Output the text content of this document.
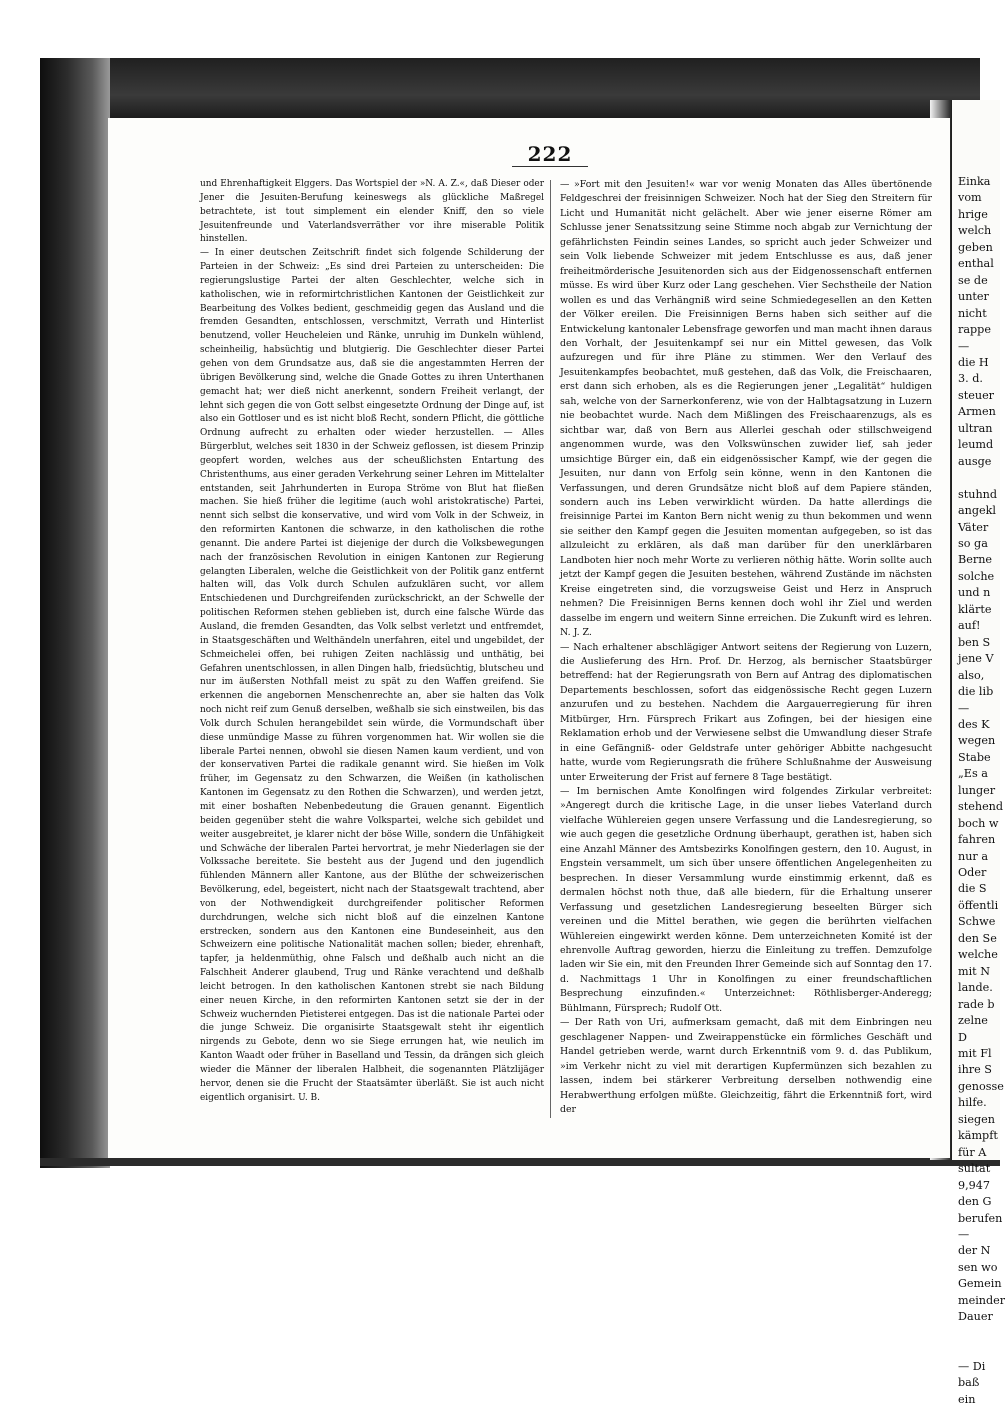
Einka
vom
hrige
welch
geben
enthal
se de
unter
nicht
rappe
—
die H
3. d.
steuer
Armen
ultran
leumd
ausge

stuhnd
angekl
Väter
so ga
Berne
solche
und n
klärte
auf!
ben S
jene V
also,
die lib
—
des K
wegen
Stabe
„Es a
lunger
stehend
boch w
fahren
nur a
Oder
die S
öffentli
Schwe
den Se
welche
mit N
lande.
rade b
zelne D
mit Fl
ihre S
genosse
hilfe.
siegen
kämpft
für A
sultat
9,947
den G
berufen
—
der N
sen wo
Gemein
meinder
Dauer

— Di
baß ein
222

und Ehrenhaftigkeit Elggers. Das Wortspiel der »N. A. Z.«, daß Dieser oder Jener die Jesuiten-Berufung keineswegs als glückliche Maßregel betrachtete, ist tout simplement ein elender Kniff, den so viele Jesuitenfreunde und Vaterlandsverräther vor ihre miserable Politik hinstellen.

— In einer deutschen Zeitschrift findet sich folgende Schilderung der Parteien in der Schweiz: „Es sind drei Parteien zu unterscheiden: Die regierungslustige Partei der alten Geschlechter, welche sich in katholischen, wie in reformirtchristlichen Kantonen der Geistlichkeit zur Bearbeitung des Volkes bedient, geschmeidig gegen das Ausland und die fremden Gesandten, entschlossen, verschmitzt, Verrath und Hinterlist benutzend, voller Heucheleien und Ränke, unruhig im Dunkeln wühlend, scheinheilig, habsüchtig und blutgierig. Die Geschlechter dieser Partei gehen von dem Grundsatze aus, daß sie die angestammten Herren der übrigen Bevölkerung sind, welche die Gnade Gottes zu ihren Unterthanen gemacht hat; wer dieß nicht anerkennt, sondern Freiheit verlangt, der lehnt sich gegen die von Gott selbst eingesetzte Ordnung der Dinge auf, ist also ein Gottloser und es ist nicht bloß Recht, sondern Pflicht, die göttliche Ordnung aufrecht zu erhalten oder wieder herzustellen. — Alles Bürgerblut, welches seit 1830 in der Schweiz geflossen, ist diesem Prinzip geopfert worden, welches aus der scheußlichsten Entartung des Christenthums, aus einer geraden Verkehrung seiner Lehren im Mittelalter entstanden, seit Jahrhunderten in Europa Ströme von Blut hat fließen machen. Sie hieß früher die legitime (auch wohl aristokratische) Partei, nennt sich selbst die konservative, und wird vom Volk in der Schweiz, in den reformirten Kantonen die schwarze, in den katholischen die rothe genannt. Die andere Partei ist diejenige der durch die Volksbewegungen nach der französischen Revolution in einigen Kantonen zur Regierung gelangten Liberalen, welche die Geistlichkeit von der Politik ganz entfernt halten will, das Volk durch Schulen aufzuklären sucht, vor allem Entschiedenen und Durchgreifenden zurückschrickt, an der Schwelle der politischen Reformen stehen geblieben ist, durch eine falsche Würde das Ausland, die fremden Gesandten, das Volk selbst verletzt und entfremdet, in Staatsgeschäften und Welthändeln unerfahren, eitel und ungebildet, der Schmeichelei offen, bei ruhigen Zeiten nachlässig und unthätig, bei Gefahren unentschlossen, in allen Dingen halb, friedsüchtig, blutscheu und nur im äußersten Nothfall meist zu spät zu den Waffen greifend. Sie erkennen die angebornen Menschenrechte an, aber sie halten das Volk noch nicht reif zum Genuß derselben, weßhalb sie sich einstweilen, bis das Volk durch Schulen herangebildet sein würde, die Vormundschaft über diese unmündige Masse zu führen vorgenommen hat. Wir wollen sie die liberale Partei nennen, obwohl sie diesen Namen kaum verdient, und von der konservativen Partei die radikale genannt wird. Sie hießen im Volk früher, im Gegensatz zu den Schwarzen, die Weißen (in katholischen Kantonen im Gegensatz zu den Rothen die Schwarzen), und werden jetzt, mit einer boshaften Nebenbedeutung die Grauen genannt. Eigentlich beiden gegenüber steht die wahre Volkspartei, welche sich gebildet und weiter ausgebreitet, je klarer nicht der böse Wille, sondern die Unfähigkeit und Schwäche der liberalen Partei hervortrat, je mehr Niederlagen sie der Volkssache bereitete. Sie besteht aus der Jugend und den jugendlich fühlenden Männern aller Kantone, aus der Blüthe der schweizerischen Bevölkerung, edel, begeistert, nicht nach der Staatsgewalt trachtend, aber von der Nothwendigkeit durchgreifender politischer Reformen durchdrungen, welche sich nicht bloß auf die einzelnen Kantone erstrecken, sondern aus den Kantonen eine Bundeseinheit, aus den Schweizern eine politische Nationalität machen sollen; bieder, ehrenhaft, tapfer, ja heldenmüthig, ohne Falsch und deßhalb auch nicht an die Falschheit Anderer glaubend, Trug und Ränke verachtend und deßhalb leicht betrogen. In den katholischen Kantonen strebt sie nach Bildung einer neuen Kirche, in den reformirten Kantonen setzt sie der in der Schweiz wuchernden Pietisterei entgegen. Das ist die nationale Partei oder die junge Schweiz. Die organisirte Staatsgewalt steht ihr eigentlich nirgends zu Gebote, denn wo sie Siege errungen hat, wie neulich im Kanton Waadt oder früher in Baselland und Tessin, da drängen sich gleich wieder die Männer der liberalen Halbheit, die sogenannten Plätzlijäger hervor, denen sie die Frucht der Staatsämter überläßt. Sie ist auch nicht eigentlich organisirt. U. B.

— »Fort mit den Jesuiten!« war vor wenig Monaten das Alles übertönende Feldgeschrei der freisinnigen Schweizer. Noch hat der Sieg den Streitern für Licht und Humanität nicht gelächelt. Aber wie jener eiserne Römer am Schlusse jener Senatssitzung seine Stimme noch abgab zur Vernichtung der gefährlichsten Feindin seines Landes, so spricht auch jeder Schweizer und sein Volk liebende Schweizer mit jedem Entschlusse es aus, daß jener freiheitmörderische Jesuitenorden sich aus der Eidgenossenschaft entfernen müsse. Es wird über Kurz oder Lang geschehen. Vier Sechstheile der Nation wollen es und das Verhängniß wird seine Schmiedegesellen an den Ketten der Völker ereilen. Die Freisinnigen Berns haben sich seither auf die Entwickelung kantonaler Lebensfrage geworfen und man macht ihnen daraus den Vorhalt, der Jesuitenkampf sei nur ein Mittel gewesen, das Volk aufzuregen und für ihre Pläne zu stimmen. Wer den Verlauf des Jesuitenkampfes beobachtet, muß gestehen, daß das Volk, die Freischaaren, erst dann sich erhoben, als es die Regierungen jener „Legalität“ huldigen sah, welche von der Sarnerkonferenz, wie von der Halbtagsatzung in Luzern nie beobachtet wurde. Nach dem Mißlingen des Freischaarenzugs, als es sichtbar war, daß von Bern aus Allerlei geschah oder stillschweigend angenommen wurde, was den Volkswünschen zuwider lief, sah jeder umsichtige Bürger ein, daß ein eidgenössischer Kampf, wie der gegen die Jesuiten, nur dann von Erfolg sein könne, wenn in den Kantonen die Verfassungen, und deren Grundsätze nicht bloß auf dem Papiere ständen, sondern auch ins Leben verwirklicht würden. Da hatte allerdings die freisinnige Partei im Kanton Bern nicht wenig zu thun bekommen und wenn sie seither den Kampf gegen die Jesuiten momentan aufgegeben, so ist das allzuleicht zu erklären, als daß man darüber für den unerklärbaren Landboten hier noch mehr Worte zu verlieren nöthig hätte. Worin sollte auch jetzt der Kampf gegen die Jesuiten bestehen, während Zustände im nächsten Kreise eingetreten sind, die vorzugsweise Geist und Herz in Anspruch nehmen? Die Freisinnigen Berns kennen doch wohl ihr Ziel und werden dasselbe im engern und weitern Sinne erreichen. Die Zukunft wird es lehren. N. J. Z.

— Nach erhaltener abschlägiger Antwort seitens der Regierung von Luzern, die Auslieferung des Hrn. Prof. Dr. Herzog, als bernischer Staatsbürger betreffend: hat der Regierungsrath von Bern auf Antrag des diplomatischen Departements beschlossen, sofort das eidgenössische Recht gegen Luzern anzurufen und zu bestehen. Nachdem die Aargauerregierung für ihren Mitbürger, Hrn. Fürsprech Frikart aus Zofingen, bei der hiesigen eine Reklamation erhob und der Verwiesene selbst die Umwandlung dieser Strafe in eine Gefängniß- oder Geldstrafe unter gehöriger Abbitte nachgesucht hatte, wurde vom Regierungsrath die frühere Schlußnahme der Ausweisung unter Erweiterung der Frist auf fernere 8 Tage bestätigt.

— Im bernischen Amte Konolfingen wird folgendes Zirkular verbreitet: »Angeregt durch die kritische Lage, in die unser liebes Vaterland durch vielfache Wühlereien gegen unsere Verfassung und die Landesregierung, so wie auch gegen die gesetzliche Ordnung überhaupt, gerathen ist, haben sich eine Anzahl Männer des Amtsbezirks Konolfingen gestern, den 10. August, in Engstein versammelt, um sich über unsere öffentlichen Angelegenheiten zu besprechen. In dieser Versammlung wurde einstimmig erkennt, daß es dermalen höchst noth thue, daß alle biedern, für die Erhaltung unserer Verfassung und gesetzlichen Landesregierung beseelten Bürger sich vereinen und die Mittel berathen, wie gegen die berührten vielfachen Wühlereien eingewirkt werden könne. Dem unterzeichneten Komité ist der ehrenvolle Auftrag geworden, hierzu die Einleitung zu treffen. Demzufolge laden wir Sie ein, mit den Freunden Ihrer Gemeinde sich auf Sonntag den 17. d. Nachmittags 1 Uhr in Konolfingen zu einer freundschaftlichen Besprechung einzufinden.« Unterzeichnet: Röthlisberger-Anderegg; Bühlmann, Fürsprech; Rudolf Ott.

— Der Rath von Uri, aufmerksam gemacht, daß mit dem Einbringen neu geschlagener Nappen- und Zweirappenstücke ein förmliches Geschäft und Handel getrieben werde, warnt durch Erkenntniß vom 9. d. das Publikum, »im Verkehr nicht zu viel mit derartigen Kupfermünzen sich bezahlen zu lassen, indem bei stärkerer Verbreitung derselben nothwendig eine Herabwerthung erfolgen müßte. Gleichzeitig, fährt die Erkenntniß fort, wird der
